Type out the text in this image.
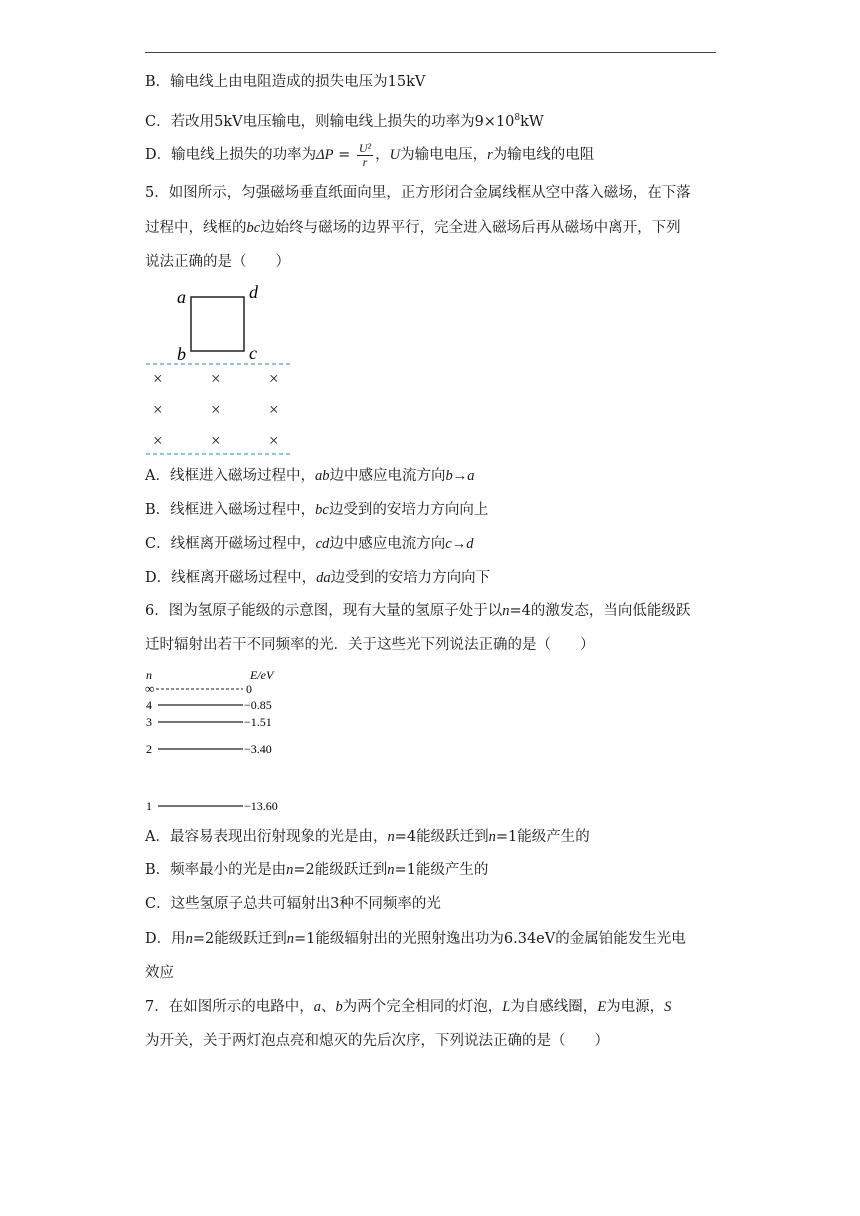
B．输电线上由电阻造成的损失电压为15kV
C．若改用5kV电压输电，则输电线上损失的功率为$9\times 10^8kW$
D．输电线上损失的功率为$\Delta P = \frac{\text{U²}}{r}$ ，U为输电电压，r为输电线的电阻
5．如图所示，匀强磁场垂直纸面向里，正方形闭合金属线框从空中落入磁场，在下落
过程中，线框的bc边始终与磁场的边界平行，完全进入磁场后再从磁场中离开，下列
说法正确的是（　　）
a	d
b	c
×	×	×
×	×	×
×	×	×
A．线框进入磁场过程中，ab边中感应电流方向b→a
B．线框进入磁场过程中，bc边受到的安培力方向向上
C．线框离开磁场过程中，cd边中感应电流方向c→d
D．线框离开磁场过程中，da边受到的安培力方向向下
6．图为氢原子能级的示意图，现有大量的氢原子处于以n=4的激发态，当向低能级跃
迁时辐射出若干不同频率的光．关于这些光下列说法正确的是（　　）
n	E/eV
∞	0
4	−0.85
3	−1.51
2	−3.40
1	−13.60
A．最容易表现出衍射现象的光是由，n=4能级跃迁到n=1能级产生的
B．频率最小的光是由n=2能级跃迁到n=1能级产生的
C．这些氢原子总共可辐射出3种不同频率的光
D．用n=2能级跃迁到n=1能级辐射出的光照射逸出功为6.34eV的金属铂能发生光电
效应
7．在如图所示的电路中，a、b为两个完全相同的灯泡，L为自感线圈，E为电源，S
为开关，关于两灯泡点亮和熄灭的先后次序，下列说法正确的是（　　）
